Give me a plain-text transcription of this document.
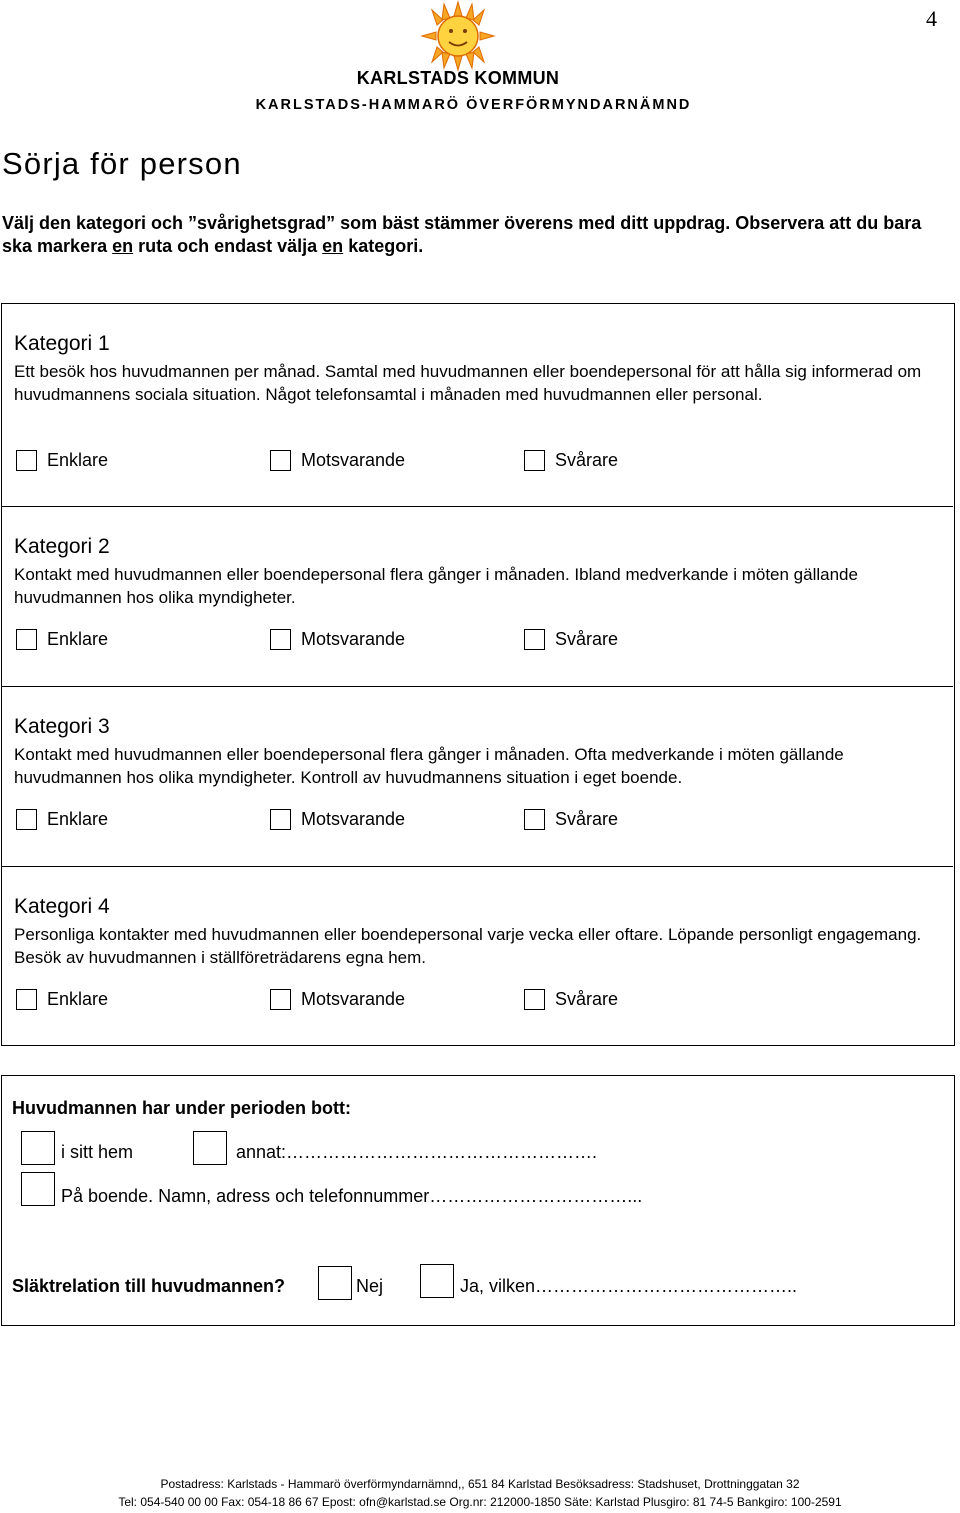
4
KARLSTADS KOMMUN
KARLSTADS-HAMMARÖ ÖVERFÖRMYNDARNÄMND
Sörja för person
Välj den kategori och ”svårighetsgrad” som bäst stämmer överens med ditt uppdrag. Observera att du bara ska markera en ruta och endast välja en kategori.
Kategori 1
Ett besök hos huvudmannen per månad. Samtal med huvudmannen eller boendepersonal för att hålla sig informerad om huvudmannens sociala situation. Något telefonsamtal i månaden med huvudmannen eller personal.
Enklare	Motsvarande	Svårare
Kategori 2
Kontakt med huvudmannen eller boendepersonal flera gånger i månaden. Ibland medverkande i möten gällande huvudmannen hos olika myndigheter.
Enklare	Motsvarande	Svårare
Kategori 3
Kontakt med huvudmannen eller boendepersonal flera gånger i månaden. Ofta medverkande i möten gällande huvudmannen hos olika myndigheter. Kontroll av huvudmannens situation i eget boende.
Enklare	Motsvarande	Svårare
Kategori 4
Personliga kontakter med huvudmannen eller boendepersonal varje vecka eller oftare. Löpande personligt engagemang. Besök av huvudmannen i ställföreträdarens egna hem.
Enklare	Motsvarande	Svårare
Huvudmannen har under perioden bott:
i sitt hem	annat:…………………………………………….
På boende. Namn, adress och telefonnummer……………………………...
Släktrelation till huvudmannen?	Nej	Ja, vilken……………………………………..
Postadress: Karlstads - Hammarö överförmyndarnämnd,, 651 84 Karlstad Besöksadress: Stadshuset, Drottninggatan 32
Tel: 054-540 00 00 Fax: 054-18 86 67 Epost: ofn@karlstad.se Org.nr: 212000-1850 Säte: Karlstad Plusgiro: 81 74-5 Bankgiro: 100-2591
